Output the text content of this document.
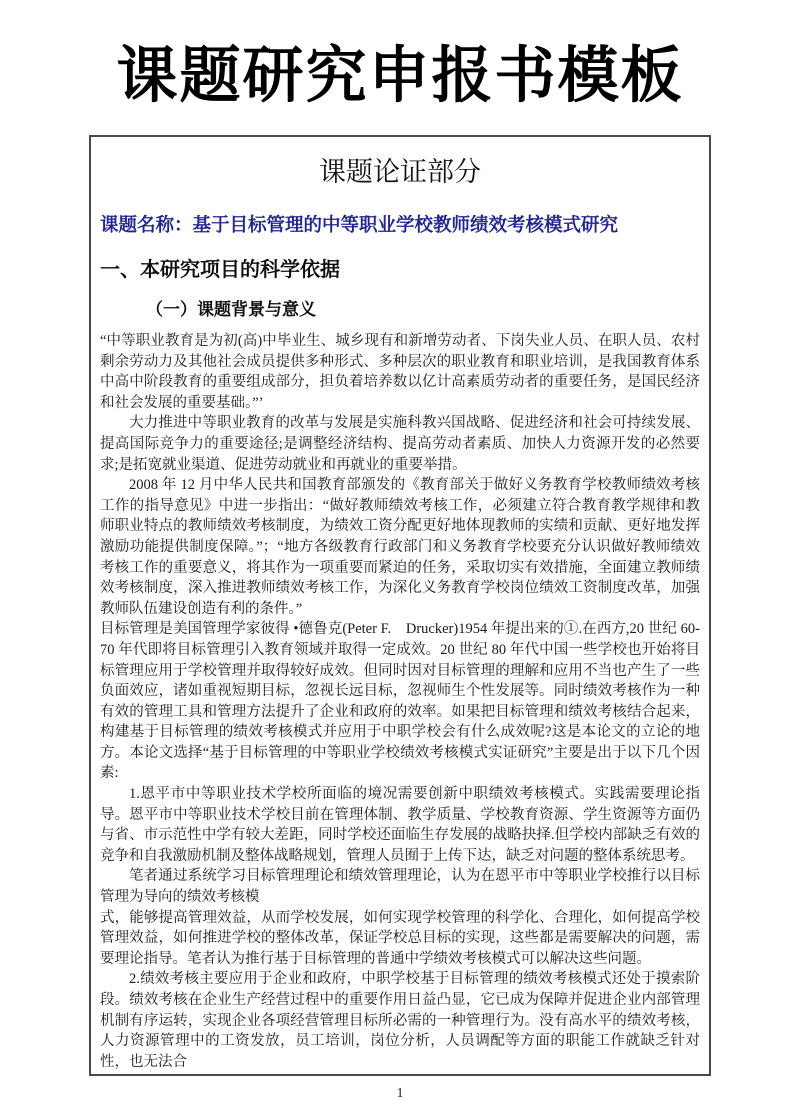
课题研究申报书模板
课题论证部分
课题名称：基于目标管理的中等职业学校教师绩效考核模式研究
一、本研究项目的科学依据
（一）课题背景与意义

“中等职业教育是为初(高)中毕业生、城乡现有和新增劳动者、下岗失业人员、在职人员、农村剩余劳动力及其他社会成员提供多种形式、多种层次的职业教育和职业培训，是我国教育体系中高中阶段教育的重要组成部分，担负着培养数以亿计高素质劳动者的重要任务，是国民经济和社会发展的重要基础。”’

大力推进中等职业教育的改革与发展是实施科教兴国战略、促进经济和社会可持续发展、提高国际竞争力的重要途径;是调整经济结构、提高劳动者素质、加快人力资源开发的必然要求;是拓宽就业渠道、促进劳动就业和再就业的重要举措。

2008 年 12 月中华人民共和国教育部颁发的《教育部关于做好义务教育学校教师绩效考核工作的指导意见》中进一步指出：“做好教师绩效考核工作，必须建立符合教育教学规律和教师职业特点的教师绩效考核制度，为绩效工资分配更好地体现教师的实绩和贡献、更好地发挥激励功能提供制度保障。”；“地方各级教育行政部门和义务教育学校要充分认识做好教师绩效考核工作的重要意义，将其作为一项重要而紧迫的任务，采取切实有效措施，全面建立教师绩效考核制度，深入推进教师绩效考核工作，为深化义务教育学校岗位绩效工资制度改革，加强教师队伍建设创造有利的条件。”

目标管理是美国管理学家彼得 •德鲁克(Peter F.　Drucker)1954 年提出来的①.在西方,20 世纪 60-70 年代即将目标管理引入教育领域并取得一定成效。20 世纪 80 年代中国一些学校也开始将目标管理应用于学校管理并取得较好成效。但同时因对目标管理的理解和应用不当也产生了一些负面效应，诸如重视短期目标，忽视长远目标，忽视师生个性发展等。同时绩效考核作为一种有效的管理工具和管理方法提升了企业和政府的效率。如果把目标管理和绩效考核结合起来，构建基于目标管理的绩效考核模式并应用于中职学校会有什么成效呢?这是本论文的立论的地方。本论文选择“基于目标管理的中等职业学校绩效考核模式实证研究”主要是出于以下几个因素:

1.恩平市中等职业技术学校所面临的境况需要创新中职绩效考核模式。实践需要理论指导。恩平市中等职业技术学校目前在管理体制、教学质量、学校教育资源、学生资源等方面仍与省、市示范性中学有较大差距，同时学校还面临生存发展的战略抉择.但学校内部缺乏有效的竞争和自我激励机制及整体战略规划，管理人员囿于上传下达，缺乏对问题的整体系统思考。

笔者通过系统学习目标管理理论和绩效管理理论，认为在恩平市中等职业学校推行以目标管理为导向的绩效考核模

式，能够提高管理效益，从而学校发展，如何实现学校管理的科学化、合理化，如何提高学校管理效益，如何推进学校的整体改革，保证学校总目标的实现，这些都是需要解决的问题，需要理论指导。笔者认为推行基于目标管理的普通中学绩效考核模式可以解决这些问题。

2.绩效考核主要应用于企业和政府，中职学校基于目标管理的绩效考核模式还处于摸索阶段。绩效考核在企业生产经营过程中的重要作用日益凸显，它已成为保障并促进企业内部管理机制有序运转，实现企业各项经营管理目标所必需的一种管理行为。没有高水平的绩效考核，人力资源管理中的工资发放，员工培训，岗位分析，人员调配等方面的职能工作就缺乏针对性，也无法合

1
